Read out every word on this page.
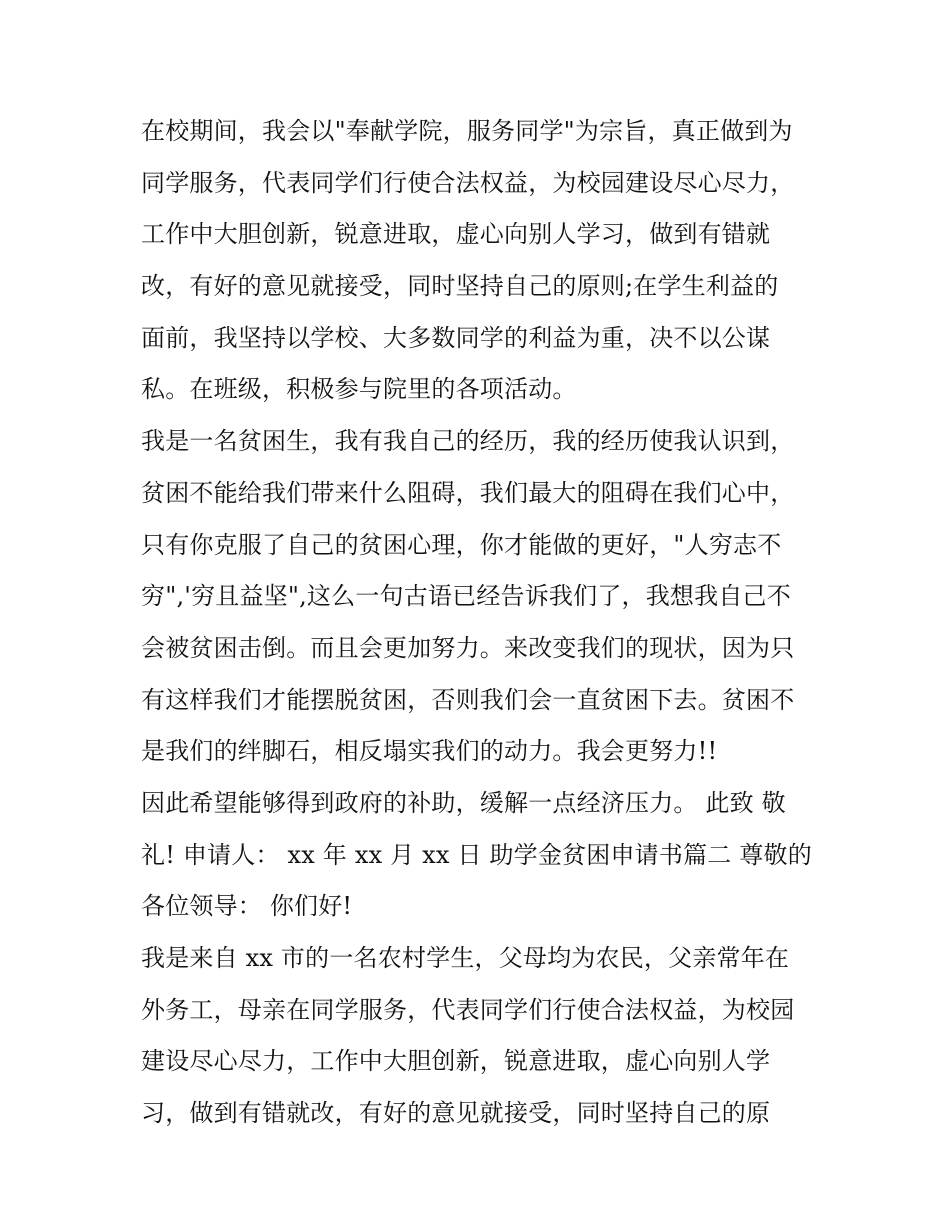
在校期间，我会以"奉献学院，服务同学"为宗旨，真正做到为
同学服务，代表同学们行使合法权益，为校园建设尽心尽力，
工作中大胆创新，锐意进取，虚心向别人学习，做到有错就
改，有好的意见就接受，同时坚持自己的原则;在学生利益的
面前，我坚持以学校、大多数同学的利益为重，决不以公谋
私。在班级，积极参与院里的各项活动。
我是一名贫困生，我有我自己的经历，我的经历使我认识到，
贫困不能给我们带来什么阻碍，我们最大的阻碍在我们心中，
只有你克服了自己的贫困心理，你才能做的更好，"人穷志不
穷",'穷且益坚",这么一句古语已经告诉我们了，我想我自己不
会被贫困击倒。而且会更加努力。来改变我们的现状，因为只
有这样我们才能摆脱贫困，否则我们会一直贫困下去。贫困不
是我们的绊脚石，相反塌实我们的动力。我会更努力!!
因此希望能够得到政府的补助，缓解一点经济压力。 此致 敬
礼! 申请人： xx 年 xx 月 xx 日 助学金贫困申请书篇二 尊敬的
各位领导： 你们好!
我是来自 xx 市的一名农村学生，父母均为农民，父亲常年在
外务工，母亲在同学服务，代表同学们行使合法权益，为校园
建设尽心尽力，工作中大胆创新，锐意进取，虚心向别人学
习，做到有错就改，有好的意见就接受，同时坚持自己的原
